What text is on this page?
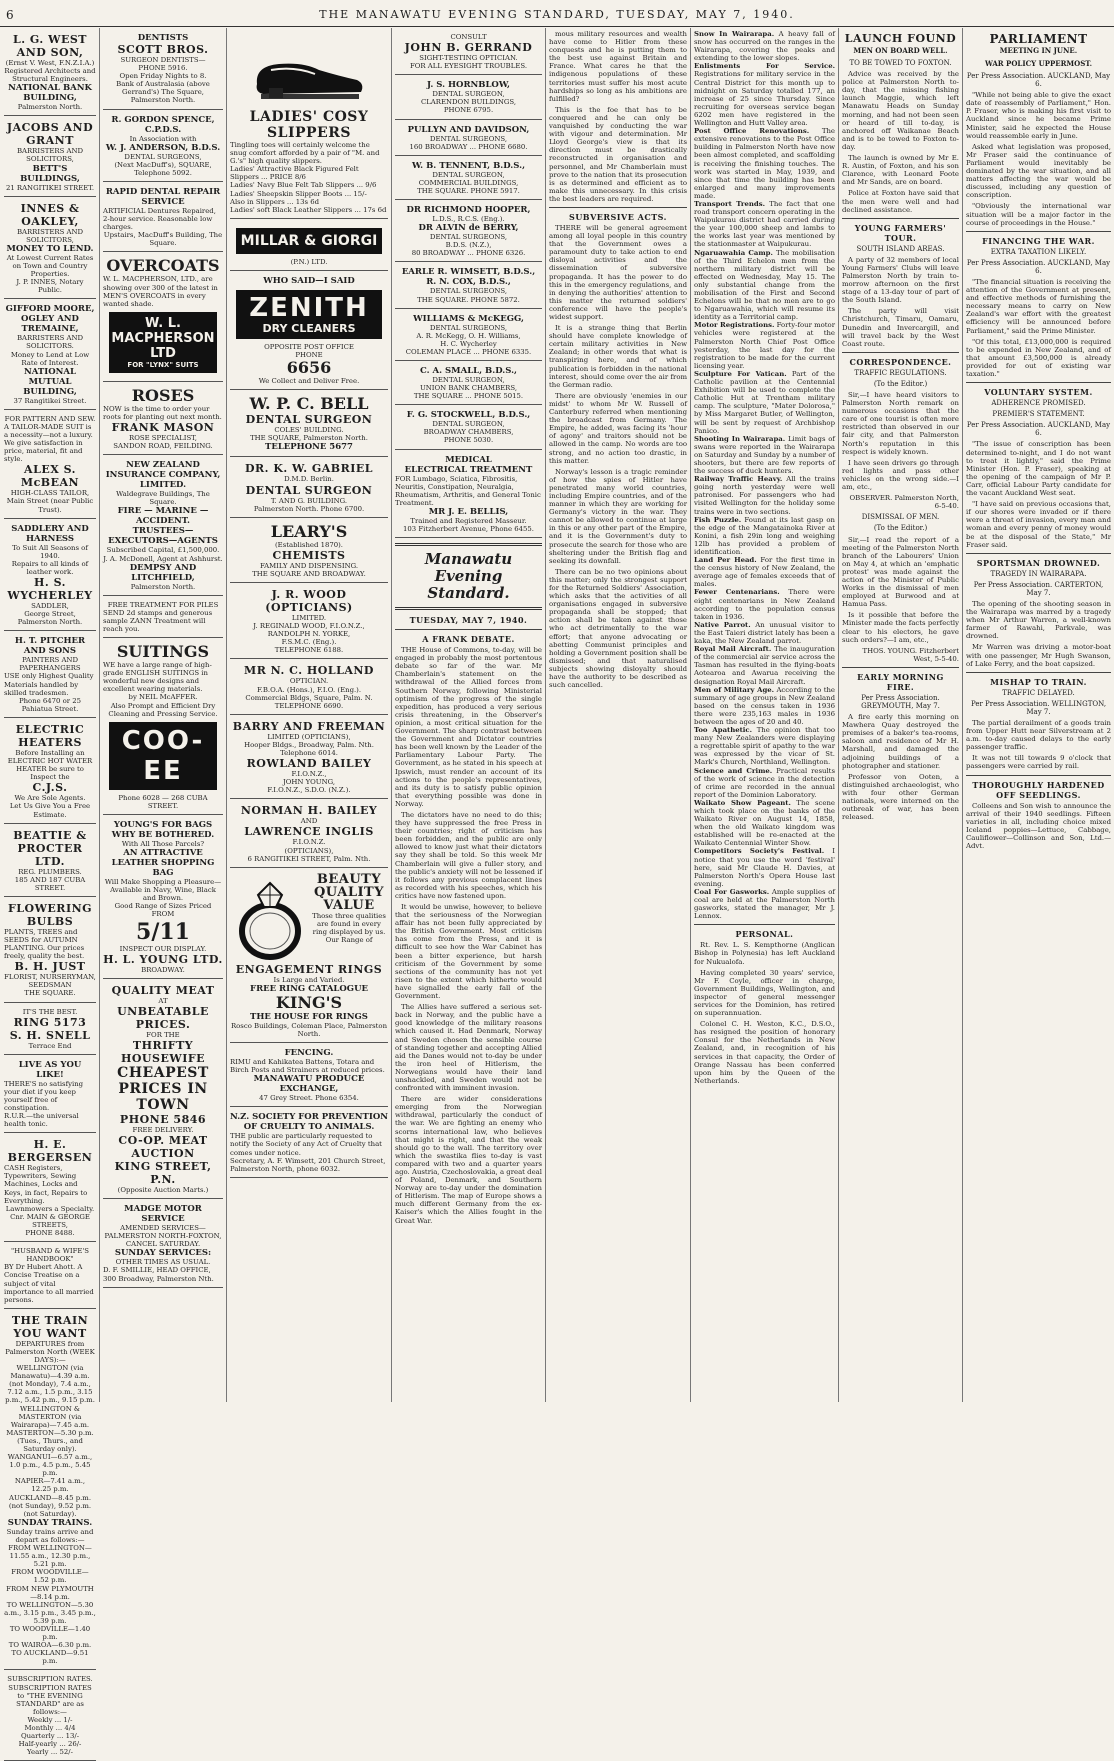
6	THE MANAWATU EVENING STANDARD, TUESDAY, MAY 7, 1940.
L. G. WEST AND SON,
(Ernst V. West, F.N.Z.I.A.)
Registered Architects and Structural Engineers.
NATIONAL BANK BUILDING,
Palmerston North.
JACOBS AND GRANT
BARRISTERS AND SOLICITORS,
BETT'S BUILDINGS,
21 RANGITIKEI STREET.
INNES & OAKLEY,
BARRISTERS AND SOLICITORS,
MONEY TO LEND.
At Lowest Current Rates on Town and Country Properties.
J. P. INNES, Notary Public.
GIFFORD MOORE, OGLEY AND TREMAINE,
BARRISTERS AND SOLICITORS.
Money to Lend at Low Rate of Interest.
NATIONAL MUTUAL BUILDING,
37 Rangitikei Street.
FOR PATTERN AND SEW.
A TAILOR-MADE SUIT is a necessity—not a luxury. We give satisfaction in price, material, fit and style.
ALEX S. McBEAN
HIGH-CLASS TAILOR,
Main Street (near Public Trust).
SADDLERY AND HARNESS
To Suit All Seasons of 1940.
Repairs to all kinds of leather work.
H. S. WYCHERLEY
SADDLER,
George Street, Palmerston North.
H. T. PITCHER AND SONS
PAINTERS AND PAPERHANGERS
USE only Highest Quality Materials handled by skilled tradesmen.
Phone 6470 or 25 Pahiatua Street.
ELECTRIC HEATERS
Before Installing an ELECTRIC HOT WATER HEATER be sure to Inspect the
C.J.S.
We Are Sole Agents.
Let Us Give You a Free Estimate.
BEATTIE & PROCTER LTD.
REG. PLUMBERS.
185 AND 187 CUBA STREET.
FLOWERING BULBS
PLANTS, TREES and SEEDS for AUTUMN PLANTING. Our prices freely, quality the best.
B. H. JUST
FLORIST, NURSERYMAN, SEEDSMAN
THE SQUARE.
IT'S THE BEST.
RING 5173
S. H. SNELL
Terrace End
LIVE AS YOU LIKE!
THERE'S no satisfying your diet if you keep yourself free of constipation.
R.U.R.—the universal health tonic.
H. E. BERGERSEN
CASH Registers, Typewriters, Sewing Machines, Locks and Keys, in fact, Repairs to Everything.
Lawnmowers a Specialty.
Cnr. MAIN & GEORGE STREETS,
PHONE 8488.
"HUSBAND & WIFE'S HANDBOOK"
BY Dr Hubert Ahott. A Concise Treatise on a subject of vital importance to all married persons.
THE TRAIN YOU WANT
DEPARTURES from Palmerston North (WEEK DAYS):—
WELLINGTON (via Manawatu)—4.39 a.m. (not Monday), 7.4 a.m., 7.12 a.m., 1.5 p.m., 3.15 p.m., 5.42 p.m., 9.15 p.m.
WELLINGTON & MASTERTON (via Wairarapa)—7.45 a.m.
MASTERTON—5.30 p.m. (Tues., Thurs., and Saturday only).
WANGANUI—6.57 a.m., 1.0 p.m., 4.5 p.m., 5.45 p.m.
NAPIER—7.41 a.m., 12.25 p.m.
AUCKLAND—8.45 p.m. (not Sunday), 9.52 p.m. (not Saturday).
SUNDAY TRAINS.
Sunday trains arrive and depart as follows:—
FROM WELLINGTON—11.55 a.m., 12.30 p.m., 5.21 p.m.
FROM WOODVILLE—1.52 p.m.
FROM NEW PLYMOUTH—8.14 p.m.
TO WELLINGTON—5.30 a.m., 3.15 p.m., 3.45 p.m., 5.39 p.m.
TO WOODVILLE—1.40 p.m.
TO WAIROA—6.30 p.m.
TO AUCKLAND—9.51 p.m.
SUBSCRIPTION RATES.
SUBSCRIPTION RATES to "THE EVENING STANDARD" are as follows:—
Weekly ... 1/-
Monthly ... 4/4
Quarterly ... 13/-
Half-yearly ... 26/-
Yearly ... 52/-
DENTISTS
SCOTT BROS.
SURGEON DENTISTS—
PHONE 5916.
Open Friday Nights to 8.
Bank of Australasia (above Gerrand's) The Square, Palmerston North.
R. GORDON SPENCE, C.P.D.S.
In Association with
W. J. ANDERSON, B.D.S.
DENTAL SURGEONS,
(Next MacDuff's), SQUARE,
Telephone 5092.
RAPID DENTAL REPAIR SERVICE
ARTIFICIAL Dentures Repaired, 2-hour service. Reasonable low charges.
Upstairs, MacDuff's Building, The Square.
OVERCOATS
W. L. MACPHERSON, LTD., are showing over 300 of the latest in MEN'S OVERCOATS in every wanted shade.
W. L. MACPHERSON LTD
FOR "LYNX" SUITS
ROSES
NOW is the time to order your roots for planting out next month.
FRANK MASON
ROSE SPECIALIST,
SANDON ROAD, FEILDING.
NEW ZEALAND INSURANCE COMPANY, LIMITED.
Waldegrave Buildings, The Square.
FIRE — MARINE — ACCIDENT.
TRUSTEES—EXECUTORS—AGENTS
Subscribed Capital, £1,500,000.
J. A. McDonell, Agent at Ashhurst.
DEMPSY AND LITCHFIELD,
Palmerston North.
FREE TREATMENT FOR PILES
SEND 2d stamps and generous sample ZANN Treatment will reach you.
SUITINGS
WE have a large range of high-grade ENGLISH SUITINGS in wonderful new designs and excellent wearing materials.
by NEIL McAFFER.
Also Prompt and Efficient Dry Cleaning and Pressing Service.
COO-EE
Phone 6028 — 268 CUBA STREET.
YOUNG'S FOR BAGS
WHY BE BOTHERED.
With All Those Parcels?
AN ATTRACTIVE LEATHER SHOPPING BAG
Will Make Shopping a Pleasure—
Available in Navy, Wine, Black and Brown.
Good Range of Sizes Priced
FROM
5/11
INSPECT OUR DISPLAY.
H. L. YOUNG LTD.
BROADWAY.
QUALITY MEAT
AT
UNBEATABLE PRICES.
FOR THE
THRIFTY HOUSEWIFE
CHEAPEST PRICES IN TOWN
PHONE 5846
FREE DELIVERY.
CO-OP. MEAT AUCTION
KING STREET, P.N.
(Opposite Auction Marts.)
MADGE MOTOR SERVICE
AMENDED SERVICES—
PALMERSTON NORTH-FOXTON,
CANCEL SATURDAY.
SUNDAY SERVICES:
OTHER TIMES AS USUAL.
D. F. SMILLIE, HEAD OFFICE, 300 Broadway, Palmerston Nth.
LADIES' COSY
SLIPPERS
Tingling toes will certainly welcome the snug comfort afforded by a pair of "M. and G.'s" high quality slippers.
Ladies' Attractive Black Figured Felt Slippers ... PRICE 8/6
Ladies' Navy Blue Felt Tab Slippers ... 9/6
Ladies' Sheepskin Slipper Boots ... 15/-
Also in Slippers ... 13s 6d
Ladies' soft Black Leather Slippers ... 17s 6d
MILLAR & GIORGI
(P.N.) LTD.
WHO SAID—I SAID
ZENITH
DRY CLEANERS
OPPOSITE POST OFFICE
PHONE
6656
We Collect and Deliver Free.
W. P. C. BELL
DENTAL SURGEON
COLES' BUILDING.
THE SQUARE, Palmerston North.
TELEPHONE 5677
DR. K. W. GABRIEL
D.M.D. Berlin.
DENTAL SURGEON
T. AND G. BUILDING.
Palmerston North. Phone 6700.
LEARY'S
(Established 1870).
CHEMISTS
FAMILY AND DISPENSING.
THE SQUARE AND BROADWAY.
J. R. WOOD (OPTICIANS)
LIMITED.
J. REGINALD WOOD, F.I.O.N.Z.,
RANDOLPH N. YORKE,
F.S.M.C. (Eng.).
TELEPHONE 6188.
MR N. C. HOLLAND
OPTICIAN.
F.B.O.A. (Hons.), F.I.O. (Eng.).
Commercial Bldgs, Square, Palm. N.
TELEPHONE 6690.
BARRY AND FREEMAN
LIMITED (OPTICIANS),
Hooper Bldgs., Broadway, Palm. Nth.
Telephone 6014.
ROWLAND BAILEY
F.I.O.N.Z.,
JOHN YOUNG,
F.I.O.N.Z., S.D.O. (N.Z.).
NORMAN H. BAILEY
AND
LAWRENCE INGLIS
F.I.O.N.Z.
(OPTICIANS),
6 RANGITIKEI STREET, Palm. Nth.
BEAUTY
QUALITY
VALUE
Those three qualities are found in every ring displayed by us.
Our Range of
ENGAGEMENT RINGS
Is Large and Varied.
FREE RING CATALOGUE
KING'S
THE HOUSE FOR RINGS
Rosco Buildings, Coleman Place, Palmerston North.
FENCING.
RIMU and Kahikatea Battens, Totara and Birch Posts and Strainers at reduced prices.
MANAWATU PRODUCE EXCHANGE,
47 Grey Street. Phone 6354.
N.Z. SOCIETY FOR PREVENTION OF CRUELTY TO ANIMALS.
THE public are particularly requested to notify the Society of any Act of Cruelty that comes under notice.
Secretary, A. F. Wimsett, 201 Church Street, Palmerston North, phone 6032.
CONSULT
JOHN B. GERRAND
SIGHT-TESTING OPTICIAN.
FOR ALL EYESIGHT TROUBLES.
J. S. HORNBLOW,
DENTAL SURGEON,
CLARENDON BUILDINGS,
PHONE 6795.
PULLYN AND DAVIDSON,
DENTAL SURGEONS,
160 BROADWAY ... PHONE 6680.
W. B. TENNENT, B.D.S.,
DENTAL SURGEON,
COMMERCIAL BUILDINGS,
THE SQUARE. PHONE 5917.
DR RICHMOND HOOPER,
L.D.S., R.C.S. (Eng.).
DR ALVIN de BERRY,
DENTAL SURGEONS,
B.D.S. (N.Z.),
80 BROADWAY ... PHONE 6326.
EARLE R. WIMSETT, B.D.S.,
R. N. COX, B.D.S.,
DENTAL SURGEONS,
THE SQUARE. PHONE 5872.
WILLIAMS & McKEGG,
DENTAL SURGEONS,
A. R. McKegg, O. H. Williams,
H. C. Wycherley
COLEMAN PLACE ... PHONE 6335.
C. A. SMALL, B.D.S.,
DENTAL SURGEON,
UNION BANK CHAMBERS,
THE SQUARE ... PHONE 5015.
F. G. STOCKWELL, B.D.S.,
DENTAL SURGEON,
BROADWAY CHAMBERS,
PHONE 5030.
MEDICAL
ELECTRICAL TREATMENT
FOR Lumbago, Sciatica, Fibrositis, Neuritis, Constipation, Neuralgia, Rheumatism, Arthritis, and General Tonic Treatment.
MR J. E. BELLIS,
Trained and Registered Masseur.
103 Fitzherbert Avenue, Phone 6455.
Manawatu
Evening Standard.
TUESDAY, MAY 7, 1940.
A FRANK DEBATE.

THE House of Commons, to-day, will be engaged in probably the most portentous debate so far of the war. Mr Chamberlain's statement on the withdrawal of the Allied forces from Southern Norway, following Ministerial optimism of the progress of the single expedition, has produced a very serious crisis threatening, in the Observer's opinion, a most critical situation for the Government. The sharp contrast between the Government and Dictator countries has been well known by the Leader of the Parliamentary Labour Party. The Government, as he stated in his speech at Ipswich, must render an account of its actions to the people's representatives, and its duty is to satisfy public opinion that everything possible was done in Norway.

The dictators have no need to do this; they have suppressed the free Press in their countries; right of criticism has been forbidden, and the public are only allowed to know just what their dictators say they shall be told. So this week Mr Chamberlain will give a fuller story, and the public's anxiety will not be lessened if it follows any previous complacent lines as recorded with his speeches, which his critics have now fastened upon.

It would be unwise, however, to believe that the seriousness of the Norwegian affair has not been fully appreciated by the British Government. Most criticism has come from the Press, and it is difficult to see how the War Cabinet has been a bitter experience, but harsh criticism of the Government by some sections of the community has not yet risen to the extent which hitherto would have signalled the early fall of the Government.

The Allies have suffered a serious set-back in Norway, and the public have a good knowledge of the military reasons which caused it. Had Denmark, Norway and Sweden chosen the sensible course of standing together and accepting Allied aid the Danes would not to-day be under the iron heel of Hitlerism, the Norwegians would have their land unshackled, and Sweden would not be confronted with imminent invasion.

There are wider considerations emerging from the Norwegian withdrawal, particularly the conduct of the war. We are fighting an enemy who scorns international law, who believes that might is right, and that the weak should go to the wall. The territory over which the swastika flies to-day is vast compared with two and a quarter years ago. Austria, Czechoslovakia, a great deal of Poland, Denmark, and Southern Norway are to-day under the domination of Hitlerism. The map of Europe shows a much different Germany from the ex-Kaiser's which the Allies fought in the Great War.

mous military resources and wealth have come to Hitler from these conquests and he is putting them to the best use against Britain and France. What cares he that the indigenous populations of these territories must suffer his most acute hardships so long as his ambitions are fulfilled?

This is the foe that has to be conquered and he can only be vanquished by conducting the war with vigour and determination. Mr Lloyd George's view is that its direction must be drastically reconstructed in organisation and personnel, and Mr Chamberlain must prove to the nation that its prosecution is as determined and efficient as to make this unnecessary. In this crisis the best leaders are required.

SUBVERSIVE ACTS.

THERE will be general agreement among all loyal people in this country that the Government owes a paramount duty to take action to end disloyal activities and the dissemination of subversive propaganda. It has the power to do this in the emergency regulations, and in denying the authorities' attention to this matter the returned soldiers' conference will have the people's widest support.

It is a strange thing that Berlin should have complete knowledge of certain military activities in New Zealand; in other words that what is transpiring here, and of which publication is forbidden in the national interest, should come over the air from the German radio.

There are obviously 'enemies in our midst' to whom Mr W. Russell of Canterbury referred when mentioning the broadcast from Germany. The Empire, he added, was facing its 'hour of agony' and traitors should not be allowed in the camp. No words are too strong, and no action too drastic, in this matter.

Norway's lesson is a tragic reminder of how the spies of Hitler have penetrated many world countries, including Empire countries, and of the manner in which they are working for Germany's victory in the war. They cannot be allowed to continue at large in this or any other part of the Empire, and it is the Government's duty to prosecute the search for those who are sheltering under the British flag and seeking its downfall.

There can be no two opinions about this matter; only the strongest support for the Returned Soldiers' Association, which asks that the activities of all organisations engaged in subversive propaganda shall be stopped; that action shall be taken against those who act detrimentally to the war effort; that anyone advocating or abetting Communist principles and holding a Government position shall be dismissed; and that naturalised subjects showing disloyalty should have the authority to be described as such cancelled.

Snow In Wairarapa. A heavy fall of snow has occurred on the ranges in the Wairarapa, covering the peaks and extending to the lower slopes.
Enlistments For Service. Registrations for military service in the Central District for this month up to midnight on Saturday totalled 177, an increase of 25 since Thursday. Since recruiting for overseas service began 6202 men have registered in the Wellington and Hutt Valley area.
Post Office Renovations. The extensive renovations to the Post Office building in Palmerston North have now been almost completed, and scaffolding is receiving the finishing touches. The work was started in May, 1939, and since that time the building has been enlarged and many improvements made.
Transport Trends. The fact that one road transport concern operating in the Waipukurau district had carried during the year 100,000 sheep and lambs to the works last year was mentioned by the stationmaster at Waipukurau.
Ngaruawahia Camp. The mobilisation of the Third Echelon men from the northern military district will be effected on Wednesday, May 15. The only substantial change from the mobilisation of the First and Second Echelons will be that no men are to go to Ngaruawahia, which will resume its identity as a Territorial camp.
Motor Registrations. Forty-four motor vehicles were registered at the Palmerston North Chief Post Office yesterday, the last day for the registration to be made for the current licensing year.
Sculpture For Vatican. Part of the Catholic pavilion at the Centennial Exhibition will be used to complete the Catholic Hut at Trentham military camp. The sculpture, "Mater Dolorosa," by Miss Margaret Butler, of Wellington, will be sent by request of Archbishop Panico.
Shooting In Wairarapa. Limit bags of swans were reported in the Wairarapa on Saturday and Sunday by a number of shooters, but there are few reports of the success of duck hunters.
Railway Traffic Heavy. All the trains going north yesterday were well patronised. For passengers who had visited Wellington for the holiday some trains were in two sections.
Fish Puzzle. Found at its last gasp on the edge of the Mangatainoka River at Konini, a fish 29in long and weighing 12lb has provided a problem of identification.
Land Per Head. For the first time in the census history of New Zealand, the average age of females exceeds that of males.
Fewer Centenarians. There were eight centenarians in New Zealand according to the population census taken in 1936.
Native Parrot. An unusual visitor to the East Taieri district lately has been a kaka, the New Zealand parrot.
Royal Mail Aircraft. The inauguration of the commercial air service across the Tasman has resulted in the flying-boats Aotearoa and Awarua receiving the designation Royal Mail Aircraft.
Men of Military Age. According to the summary of age groups in New Zealand based on the census taken in 1936 there were 235,163 males in 1936 between the ages of 20 and 40.
Too Apathetic. The opinion that too many New Zealanders were displaying a regrettable spirit of apathy to the war was expressed by the vicar of St. Mark's Church, Northland, Wellington.
Science and Crime. Practical results of the work of science in the detection of crime are recorded in the annual report of the Dominion Laboratory.
Waikato Show Pageant. The scene which took place on the banks of the Waikato River on August 14, 1858, when the old Waikato kingdom was established will be re-enacted at the Waikato Centennial Winter Show.
Competitors Society's Festival. I notice that you use the word 'festival' here, said Mr Claude H. Davies, at Palmerston North's Opera House last evening.
Coal For Gasworks. Ample supplies of coal are held at the Palmerston North gasworks, stated the manager, Mr J. Lennox.
PERSONAL.

Rt. Rev. L. S. Kempthorne (Anglican Bishop in Polynesia) has left Auckland for Nukualofa.

Having completed 30 years' service, Mr F. Coyle, officer in charge, Government Buildings, Wellington, and inspector of general messenger services for the Dominion, has retired on superannuation.

Colonel C. H. Weston, K.C., D.S.O., has resigned the position of honorary Consul for the Netherlands in New Zealand, and, in recognition of his services in that capacity, the Order of Orange Nassau has been conferred upon him by the Queen of the Netherlands.

LAUNCH FOUND
MEN ON BOARD WELL.
TO BE TOWED TO FOXTON.

Advice was received by the police at Palmerston North to-day, that the missing fishing launch Maggie, which left Manawatu Heads on Sunday morning, and had not been seen or heard of till to-day, is anchored off Waikanae Beach and is to be towed to Foxton to-day.

The launch is owned by Mr E. R. Austin, of Foxton, and his son Clarence, with Leonard Foote and Mr Sands, are on board.

Police at Foxton have said that the men were well and had declined assistance.

YOUNG FARMERS' TOUR.
SOUTH ISLAND AREAS.

A party of 32 members of local Young Farmers' Clubs will leave Palmerston North by train to-morrow afternoon on the first stage of a 13-day tour of part of the South Island.

The party will visit Christchurch, Timaru, Oamaru, Dunedin and Invercargill, and will travel back by the West Coast route.

CORRESPONDENCE.
TRAFFIC REGULATIONS.
(To the Editor.)

Sir,—I have heard visitors to Palmerston North remark on numerous occasions that the care of one tourist is often more restricted than observed in our fair city, and that Palmerston North's reputation in this respect is widely known.

I have seen drivers go through red lights and pass other vehicles on the wrong side.—I am, etc.,

OBSERVER. Palmerston North, 6-5-40.

DISMISSAL OF MEN.
(To the Editor.)

Sir,—I read the report of a meeting of the Palmerston North branch of the Labourers' Union on May 4, at which an 'emphatic protest' was made against the action of the Minister of Public Works in the dismissal of men employed at Burwood and at Hamua Pass.

Is it possible that before the Minister made the facts perfectly clear to his electors, he gave such orders?—I am, etc.,

THOS. YOUNG. Fitzherbert West, 5-5-40.

EARLY MORNING FIRE.
Per Press Association. GREYMOUTH, May 7.

A fire early this morning on Mawhera Quay destroyed the premises of a baker's tea-rooms, saloon and residence of Mr H. Marshall, and damaged the adjoining buildings of a photographer and stationer.

Professor von Ooten, a distinguished archaeologist, who with four other German nationals, were interned on the outbreak of war, has been released.

PARLIAMENT
MEETING IN JUNE.
WAR POLICY UPPERMOST.
Per Press Association. AUCKLAND, May 6.

"While not being able to give the exact date of reassembly of Parliament," Hon. P. Fraser, who is making his first visit to Auckland since he became Prime Minister, said he expected the House would reassemble early in June.

Asked what legislation was proposed, Mr Fraser said the continuance of Parliament would inevitably be dominated by the war situation, and all matters affecting the war would be discussed, including any question of conscription.

"Obviously the international war situation will be a major factor in the course of proceedings in the House."

FINANCING THE WAR.
EXTRA TAXATION LIKELY.
Per Press Association. AUCKLAND, May 6.

"The financial situation is receiving the attention of the Government at present, and effective methods of furnishing the necessary means to carry on New Zealand's war effort with the greatest efficiency will be announced before Parliament," said the Prime Minister.

"Of this total, £13,000,000 is required to be expended in New Zealand, and of that amount £3,500,000 is already provided for out of existing war taxation."

VOLUNTARY SYSTEM.
ADHERENCE PROMISED.
PREMIER'S STATEMENT.
Per Press Association. AUCKLAND, May 6.

"The issue of conscription has been determined to-night, and I do not want to treat it lightly," said the Prime Minister (Hon. P. Fraser), speaking at the opening of the campaign of Mr P. Carr, official Labour Party candidate for the vacant Auckland West seat.

"I have said on previous occasions that, if our shores were invaded or if there were a threat of invasion, every man and woman and every penny of money would be at the disposal of the State," Mr Fraser said.

SPORTSMAN DROWNED.
TRAGEDY IN WAIRARAPA.
Per Press Association. CARTERTON, May 7.

The opening of the shooting season in the Wairarapa was marred by a tragedy when Mr Arthur Warren, a well-known farmer of Rawahi, Parkvale, was drowned.

Mr Warren was driving a motor-boat with one passenger, Mr Hugh Swanson, of Lake Ferry, and the boat capsized.

MISHAP TO TRAIN.
TRAFFIC DELAYED.
Per Press Association. WELLINGTON, May 7.

The partial derailment of a goods train from Upper Hutt near Silverstream at 2 a.m. to-day caused delays to the early passenger traffic.

It was not till towards 9 o'clock that passengers were carried by rail.

THOROUGHLY HARDENED OFF SEEDLINGS.

Colleens and Son wish to announce the arrival of their 1940 seedlings. Fifteen varieties in all, including choice mixed Iceland poppies—Lettuce, Cabbage, Cauliflower—Collinson and Son, Ltd.—Advt.
